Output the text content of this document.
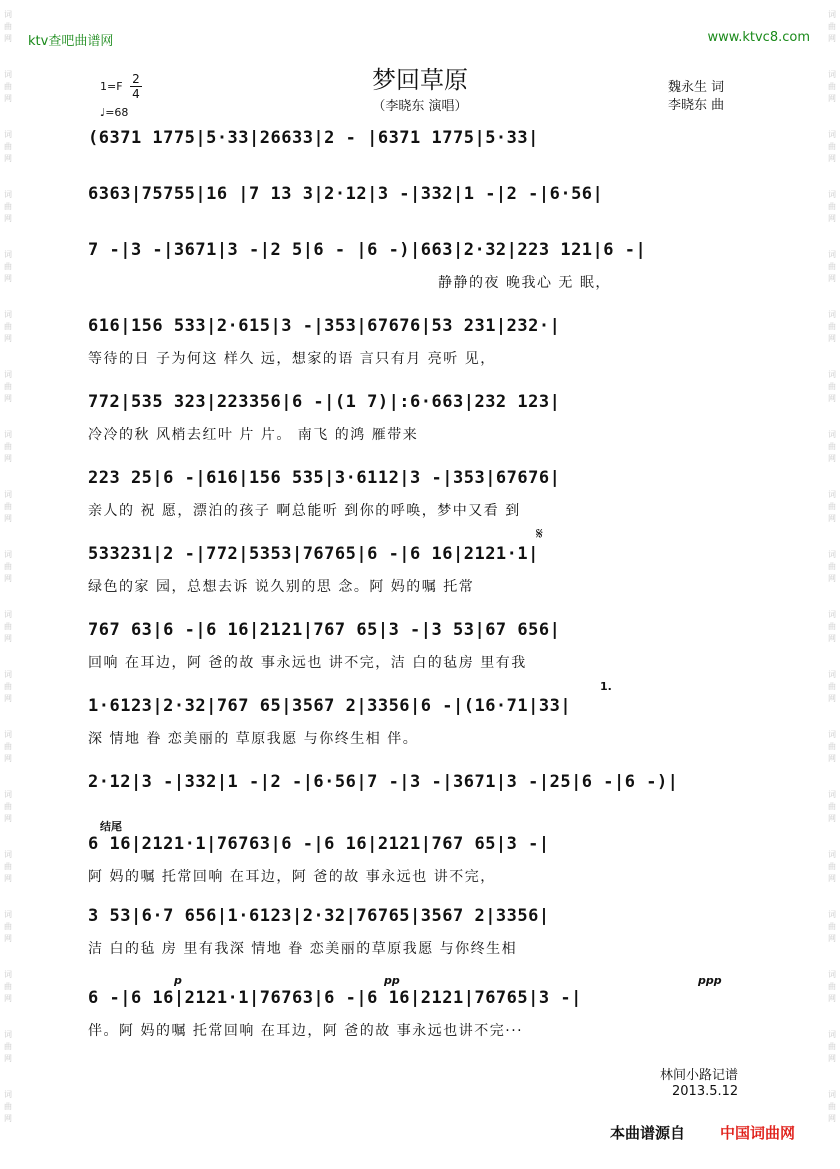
词
曲
网
词
曲
网
词
曲
网
词
曲
网
词
曲
网
词
曲
网
词
曲
网
词
曲
网
词
曲
网
词
曲
网
词
曲
网
词
曲
网
词
曲
网
词
曲
网
词
曲
网
词
曲
网
词
曲
网
词
曲
网
词
曲
网
词
曲
网
词
曲
网
词
曲
网
词
曲
网
词
曲
网
词
曲
网
词
曲
网
词
曲
网
词
曲
网
词
曲
网
词
曲
网
词
曲
网
词
曲
网
词
曲
网
词
曲
网
词
曲
网
词
曲
网
词
曲
网
词
曲
网
ktv查吧曲谱网	www.ktvc8.com
梦回草原
（李晓东 演唱）
$1=F \frac{2}{4}$
♩=68
魏永生 词
李晓东 曲
(6371 1775|5·33|26633|2 - |6371 1775|5·33|
6363|75755|16 |7 13 3|2·12|3 -|332|1 -|2 -|6·56|
7 -|3 -|3671|3 -|2 5|6 - |6 -)|663|2·32|223 121|6 -|
静静的夜 晚我心 无 眠，
616|156 533|2·615|3 -|353|67676|53 231|232·|
等待的日 子为何这 样久 远，想家的语 言只有月 亮听 见，
772|535 323|223356|6 -|(1 7)|:6·663|232 123|
冷冷的秋 风梢去红叶 片 片。 南飞 的鸿 雁带来
223 25|6 -|616|156 535|3·6112|3 -|353|67676|
亲人的 祝 愿，漂泊的孩子 啊总能听 到你的呼唤，梦中又看 到
𝄋
533231|2 -|772|5353|76765|6 -|6 16|2121·1|
绿色的家 园，总想去诉 说久别的思 念。阿 妈的嘱 托常
767 63|6 -|6 16|2121|767 65|3 -|3 53|67 656|
回响 在耳边，阿 爸的故 事永远也 讲不完，洁 白的毡房 里有我
1.
1·6123|2·32|767 65|3567 2|3356|6 -|(16·71|33|
深 情地 眷 恋美丽的 草原我愿 与你终生相 伴。
2·12|3 -|332|1 -|2 -|6·56|7 -|3 -|3671|3 -|25|6 -|6 -)|
结尾
6 16|2121·1|76763|6 -|6 16|2121|767 65|3 -|
阿 妈的嘱 托常回响 在耳边，阿 爸的故 事永远也 讲不完，
3 53|6·7 656|1·6123|2·32|76765|3567 2|3356|
洁 白的毡 房 里有我深 情地 眷 恋美丽的草原我愿 与你终生相
p	pp	ppp
6 -|6 16|2121·1|76763|6 -|6 16|2121|76765|3 -|
伴。阿 妈的嘱 托常回响 在耳边，阿 爸的故 事永远也讲不完···
林间小路记谱
2013.5.12
本曲谱源自 中国词曲网
